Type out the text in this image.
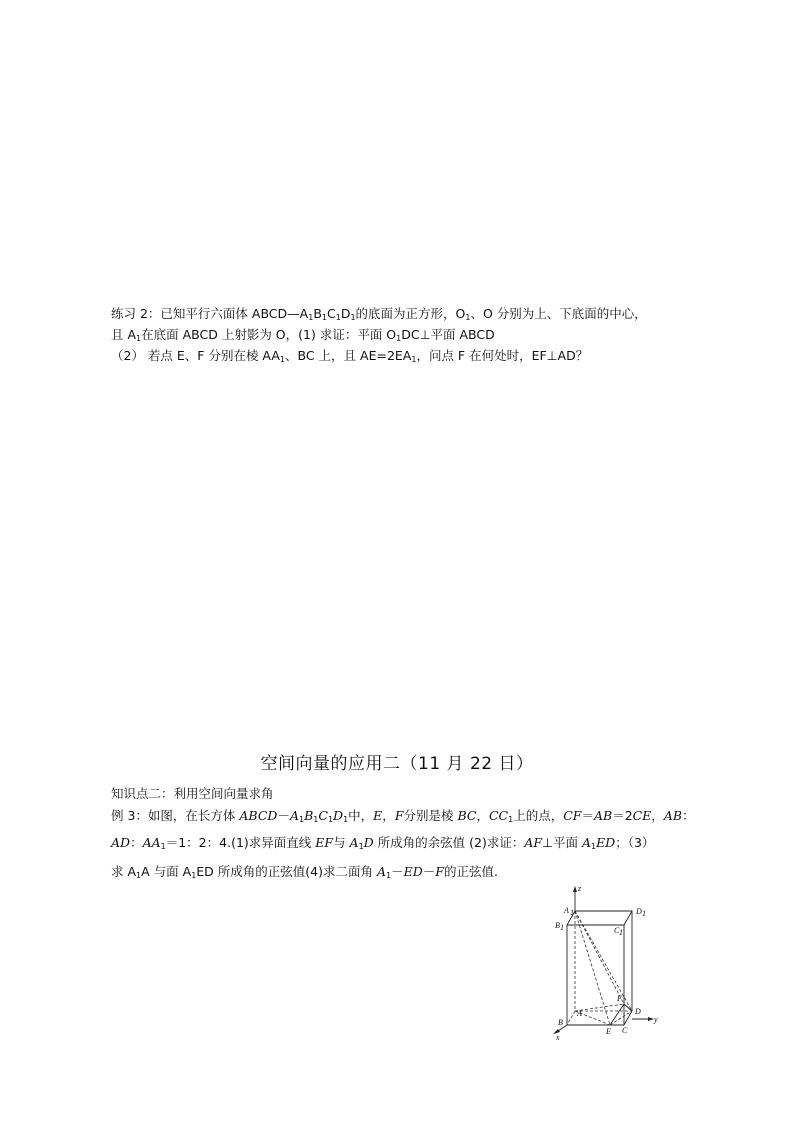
练习 2：已知平行六面体 $ABCD—A_1B_1C_1D_1$的底面为正方形，$O_1$、O 分别为上、下底面的中心，
且 $A_1$在底面 ABCD 上射影为 O，(1) 求证：平面 $O_1DC\perp$平面 ABCD
（2） 若点 E、F 分别在棱 $AA_1$、BC 上，且 $AE=2EA_1$，问点 F 在何处时，EF⊥AD？
空间向量的应用二（11 月 22 日）
知识点二：利用空间向量求角
例 3：如图，在长方体 $ABCD-A_1B_1C_1D_1$中，E，F分别是棱 BC，$CC_1$上的点，CF＝AB＝2CE，AB：
AD：$AA_1=1$：2：4.(1)求异面直线 EF与 $A_1D$ 所成角的余弦值 (2)求证：AF⊥平面 $A_1ED$；（3）
求 $A_1A$ 与面 $A_1ED$ 所成角的正弦值(4)求二面角 $A_1-ED-F$的正弦值.
z
y
x
A 1
B 1	C 1
D 1
A
B
C
D
E
F
